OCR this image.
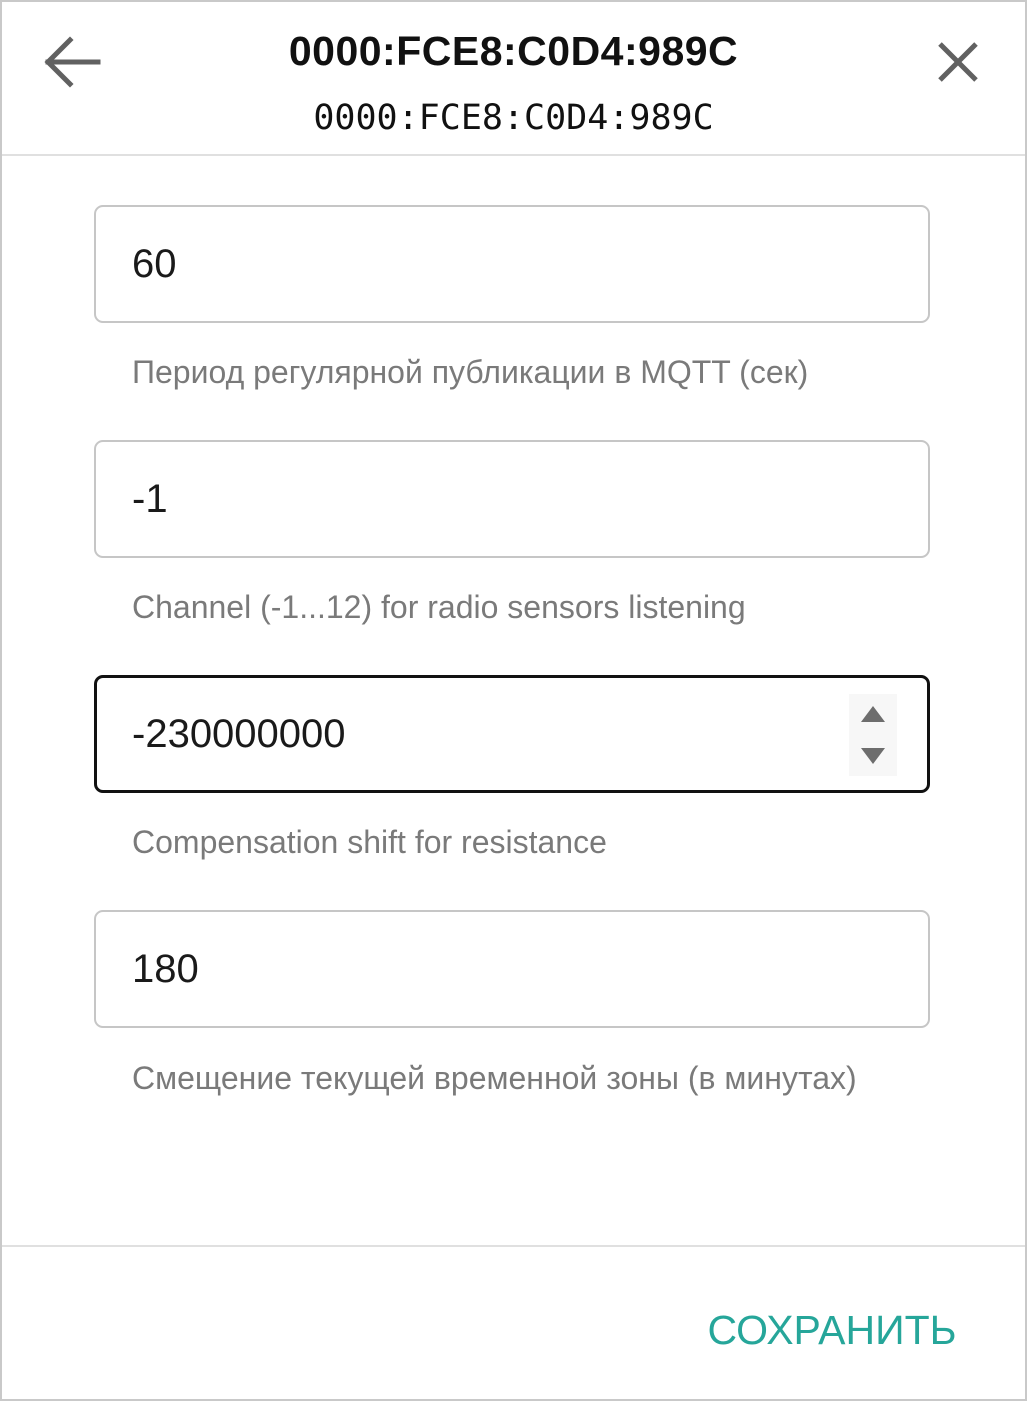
0000:FCE8:C0D4:989C
0000:FCE8:C0D4:989C
60
Период регулярной публикации в MQTT (сек)
-1
Channel (-1...12) for radio sensors listening
-230000000
Compensation shift for resistance
180
Смещение текущей временной зоны (в минутах)
СОХРАНИТЬ
